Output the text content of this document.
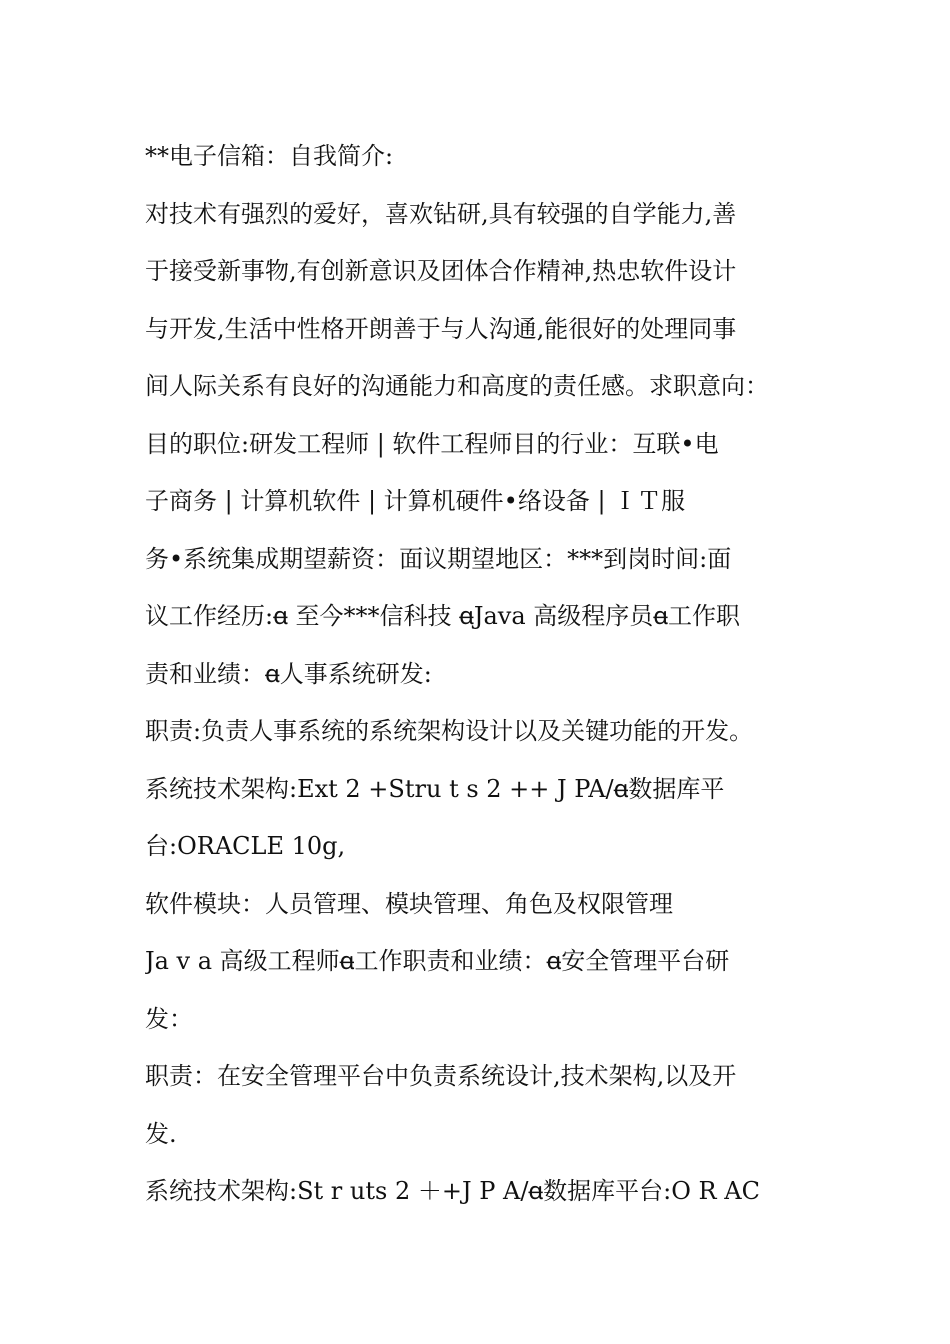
**电子信箱：自我简介:
对技术有强烈的爱好，喜欢钻研,具有较强的自学能力,善
于接受新事物,有创新意识及团体合作精神,热忠软件设计
与开发,生活中性格开朗善于与人沟通,能很好的处理同事
间人际关系有良好的沟通能力和高度的责任感。求职意向：
目的职位:研发工程师 | 软件工程师目的行业：互联•电
子商务 | 计算机软件 | 计算机硬件•络设备 | ＩＴ服
务•系统集成期望薪资：面议期望地区：***到岗时间:面
议工作经历:ꬰ 至今***信科技 ꬰJava 高级程序员ꬰ工作职
责和业绩：ꬰ人事系统研发:
职责:负责人事系统的系统架构设计以及关键功能的开发。
系统技术架构:Ext 2 +Stru t s 2 ++ J PA/ꬰ数据库平
台:ORACLE 10g,
软件模块：人员管理、模块管理、角色及权限管理
Ja v a 高级工程师ꬰ工作职责和业绩：ꬰ安全管理平台研
发：
职责：在安全管理平台中负责系统设计,技术架构,以及开
发.
系统技术架构:St r uts 2 ＋+J P A/ꬰ数据库平台:O R AC
